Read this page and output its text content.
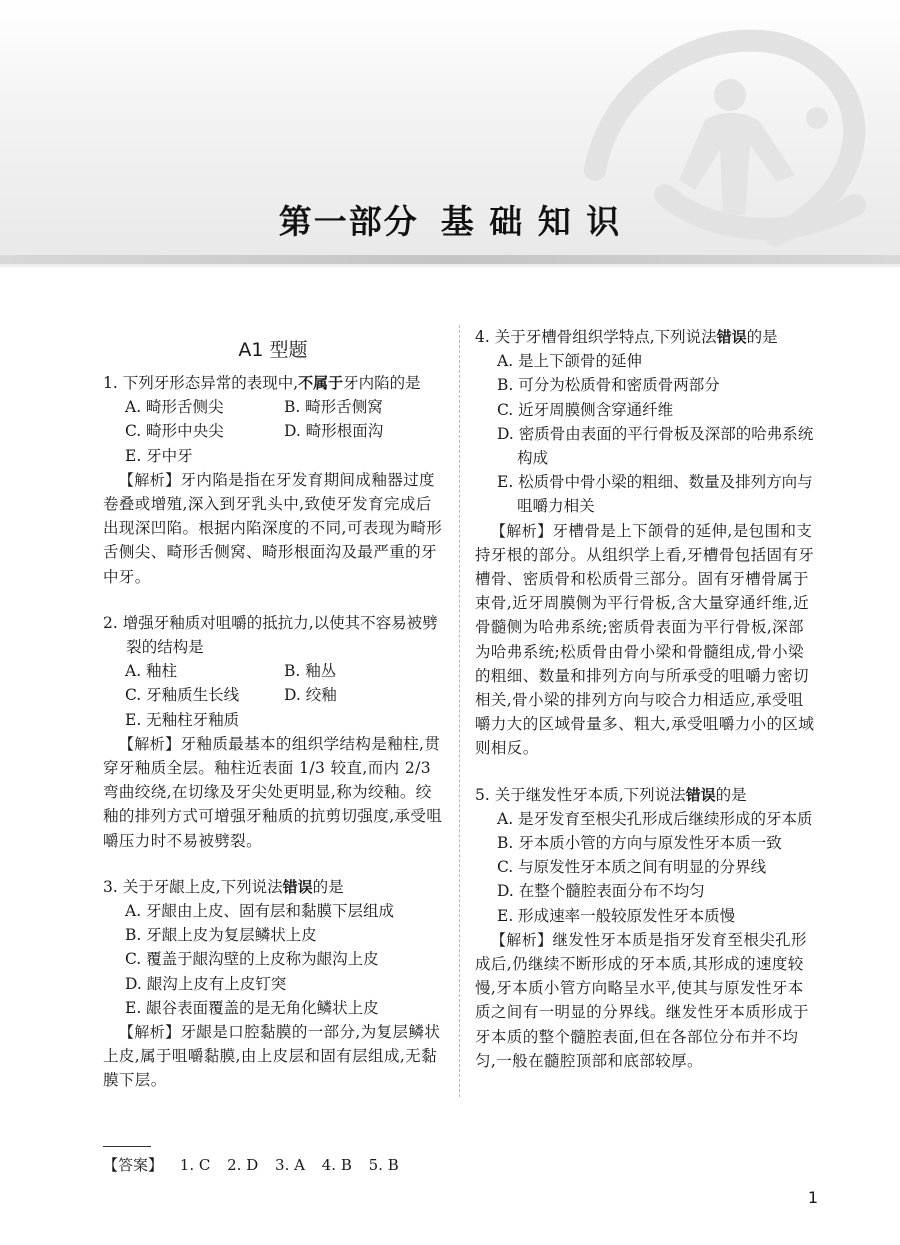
第一部分 基 础 知 识
A1 型题
1. 下列牙形态异常的表现中,不属于牙内陷的是
A. 畸形舌侧尖	B. 畸形舌侧窝
C. 畸形中央尖	D. 畸形根面沟
E. 牙中牙

 【解析】牙内陷是指在牙发育期间成釉器过度卷叠或增殖,深入到牙乳头中,致使牙发育完成后出现深凹陷。根据内陷深度的不同,可表现为畸形舌侧尖、畸形舌侧窝、畸形根面沟及最严重的牙中牙。

2. 增强牙釉质对咀嚼的抵抗力,以使其不容易被劈裂的结构是
A. 釉柱	B. 釉丛
C. 牙釉质生长线	D. 绞釉
E. 无釉柱牙釉质

 【解析】牙釉质最基本的组织学结构是釉柱,贯穿牙釉质全层。釉柱近表面 1/3 较直,而内 2/3 弯曲绞绕,在切缘及牙尖处更明显,称为绞釉。绞釉的排列方式可增强牙釉质的抗剪切强度,承受咀嚼压力时不易被劈裂。

3. 关于牙龈上皮,下列说法错误的是
A. 牙龈由上皮、固有层和黏膜下层组成
B. 牙龈上皮为复层鳞状上皮
C. 覆盖于龈沟壁的上皮称为龈沟上皮
D. 龈沟上皮有上皮钉突
E. 龈谷表面覆盖的是无角化鳞状上皮

 【解析】牙龈是口腔黏膜的一部分,为复层鳞状上皮,属于咀嚼黏膜,由上皮层和固有层组成,无黏膜下层。

4. 关于牙槽骨组织学特点,下列说法错误的是
A. 是上下颌骨的延伸
B. 可分为松质骨和密质骨两部分
C. 近牙周膜侧含穿通纤维
D. 密质骨由表面的平行骨板及深部的哈弗系统构成
E. 松质骨中骨小梁的粗细、数量及排列方向与咀嚼力相关

 【解析】牙槽骨是上下颌骨的延伸,是包围和支持牙根的部分。从组织学上看,牙槽骨包括固有牙槽骨、密质骨和松质骨三部分。固有牙槽骨属于束骨,近牙周膜侧为平行骨板,含大量穿通纤维,近骨髓侧为哈弗系统;密质骨表面为平行骨板,深部为哈弗系统;松质骨由骨小梁和骨髓组成,骨小梁的粗细、数量和排列方向与所承受的咀嚼力密切相关,骨小梁的排列方向与咬合力相适应,承受咀嚼力大的区域骨量多、粗大,承受咀嚼力小的区域则相反。

5. 关于继发性牙本质,下列说法错误的是
A. 是牙发育至根尖孔形成后继续形成的牙本质
B. 牙本质小管的方向与原发性牙本质一致
C. 与原发性牙本质之间有明显的分界线
D. 在整个髓腔表面分布不均匀
E. 形成速率一般较原发性牙本质慢

 【解析】继发性牙本质是指牙发育至根尖孔形成后,仍继续不断形成的牙本质,其形成的速度较慢,牙本质小管方向略呈水平,使其与原发性牙本质之间有一明显的分界线。继发性牙本质形成于牙本质的整个髓腔表面,但在各部位分布并不均匀,一般在髓腔顶部和底部较厚。

【答案】 1. C 2. D 3. A 4. B 5. B
1
